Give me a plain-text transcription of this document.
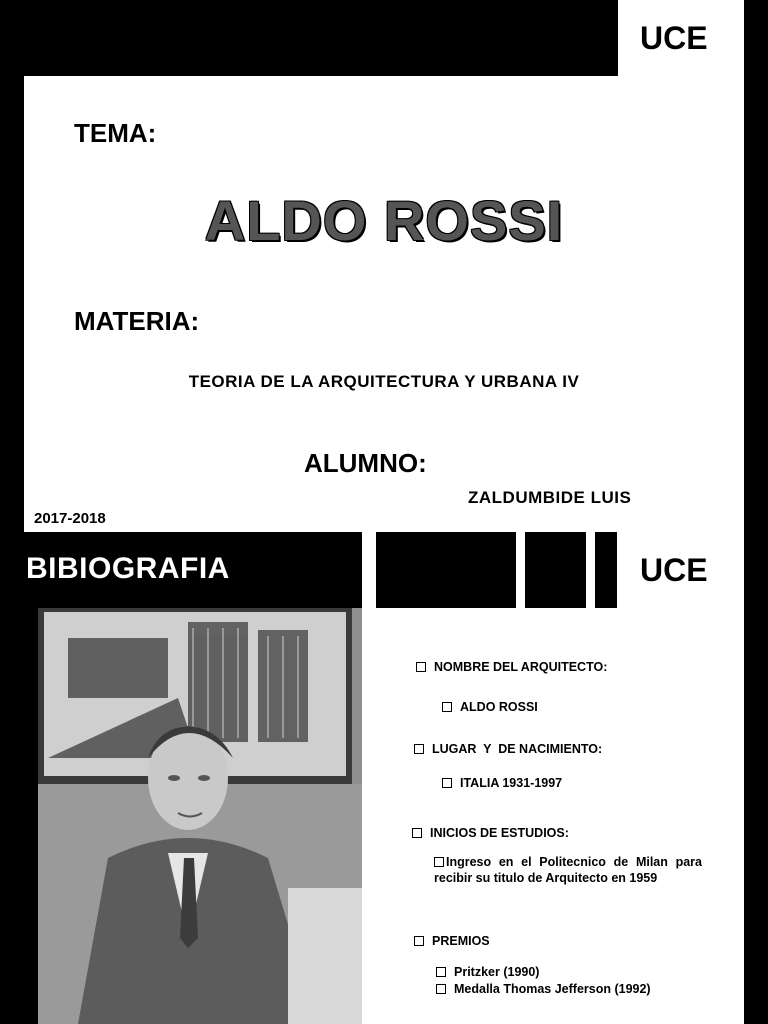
UCE
TEMA:
ALDO ROSSI
MATERIA:
TEORIA DE LA ARQUITECTURA Y URBANA IV
ALUMNO:
ZALDUMBIDE LUIS
2017-2018
UCE
BIBIOGRAFIA
NOMBRE DEL ARQUITECTO:
ALDO ROSSI
LUGAR  Y  DE NACIMIENTO:
ITALIA 1931-1997
INICIOS DE ESTUDIOS:
Ingreso en el Politecnico de Milan para recibir su titulo de Arquitecto en 1959
PREMIOS
Pritzker (1990)
Medalla Thomas Jefferson (1992)
